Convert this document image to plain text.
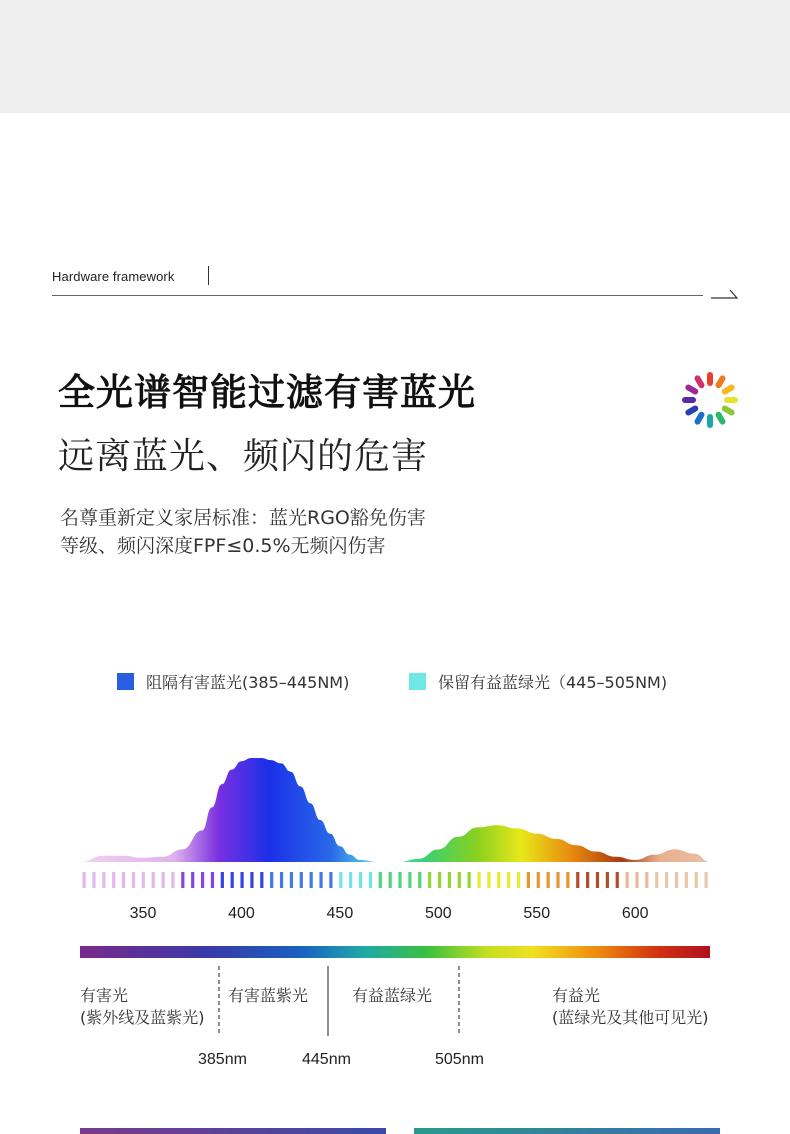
Hardware framework
全光谱智能过滤有害蓝光
远离蓝光、频闪的危害
名尊重新定义家居标准：蓝光RGO豁免伤害
等级、频闪深度FPF≤0.5%无频闪伤害
阻隔有害蓝光(385–445NM)	保留有益蓝绿光（445–505NM)
350	400	450	500	550	600
有害光
(紫外线及蓝紫光)
有害蓝紫光	有益蓝绿光	有益光
(蓝绿光及其他可见光)
385nm	445nm	505nm
